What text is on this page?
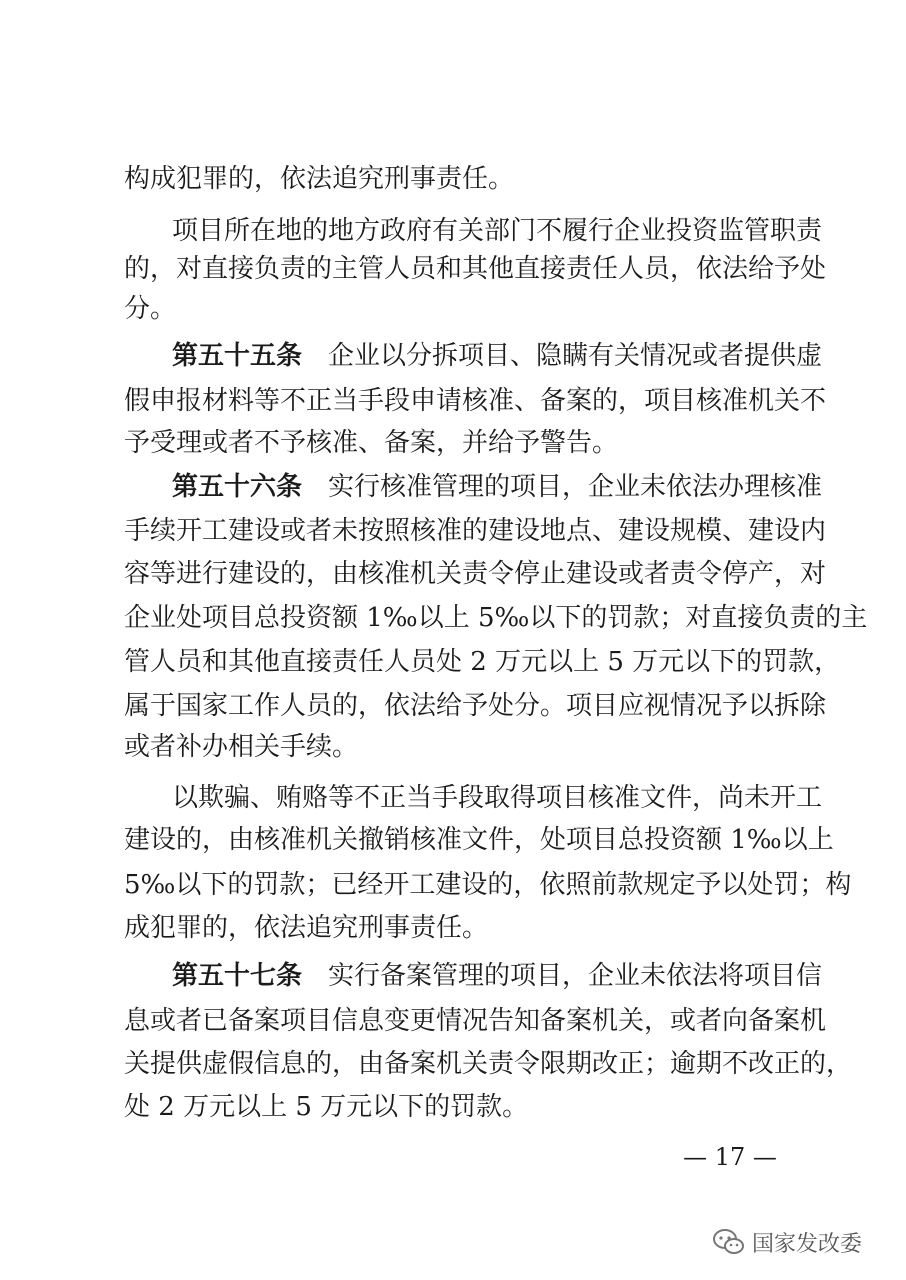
构成犯罪的，依法追究刑事责任。
项目所在地的地方政府有关部门不履行企业投资监管职责
的，对直接负责的主管人员和其他直接责任人员，依法给予处
分。
第五十五条 企业以分拆项目、隐瞒有关情况或者提供虚
假申报材料等不正当手段申请核准、备案的，项目核准机关不
予受理或者不予核准、备案，并给予警告。
第五十六条 实行核准管理的项目，企业未依法办理核准
手续开工建设或者未按照核准的建设地点、建设规模、建设内
容等进行建设的，由核准机关责令停止建设或者责令停产，对
企业处项目总投资额 1‰以上 5‰以下的罚款；对直接负责的主
管人员和其他直接责任人员处 2 万元以上 5 万元以下的罚款，
属于国家工作人员的，依法给予处分。项目应视情况予以拆除
或者补办相关手续。
以欺骗、贿赂等不正当手段取得项目核准文件，尚未开工
建设的，由核准机关撤销核准文件，处项目总投资额 1‰以上
5‰以下的罚款；已经开工建设的，依照前款规定予以处罚；构
成犯罪的，依法追究刑事责任。
第五十七条 实行备案管理的项目，企业未依法将项目信
息或者已备案项目信息变更情况告知备案机关，或者向备案机
关提供虚假信息的，由备案机关责令限期改正；逾期不改正的，
处 2 万元以上 5 万元以下的罚款。
— 17 —
国家发改委
